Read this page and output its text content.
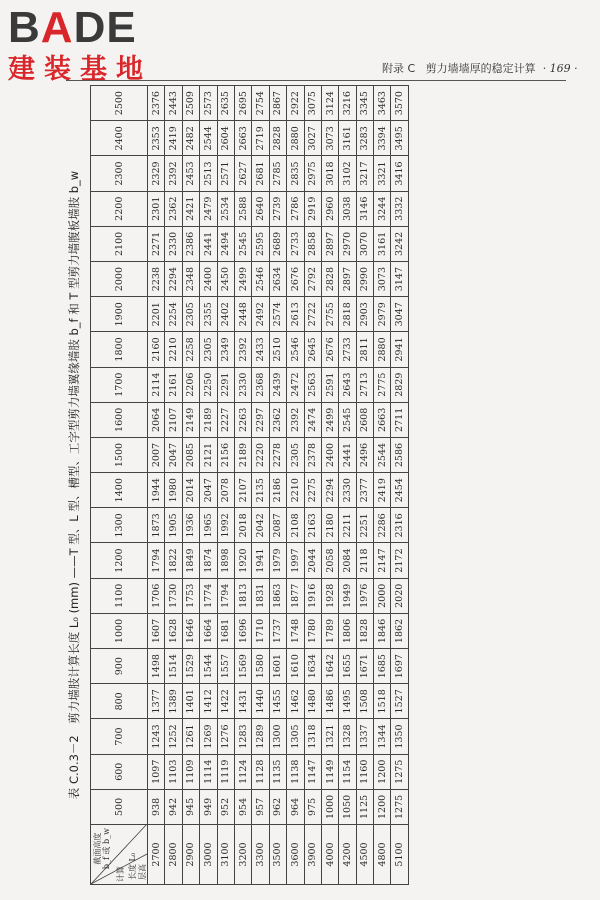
BADE
建装基地	附录 C 剪力墙墙厚的稳定计算 · 169 ·
表 C.0.3－2　剪力墙肢计算长度 L₀ (mm) ——T 型、L 型、槽型、工字型剪力墙翼缘墙肢 b_f 和 T 型剪力墙腹板墙肢 b_w
截面高度
b_f 或 b_w
计算 长度 L₀ 层高	500	600	700	800	900	1000	1100	1200	1300	1400	1500	1600	1700	1800	1900	2000	2100	2200	2300	2400	2500
2700	938	1097	1243	1377	1498	1607	1706	1794	1873	1944	2007	2064	2114	2160	2201	2238	2271	2301	2329	2353	2376
2800	942	1103	1252	1389	1514	1628	1730	1822	1905	1980	2047	2107	2161	2210	2254	2294	2330	2362	2392	2419	2443
2900	945	1109	1261	1401	1529	1646	1753	1849	1936	2014	2085	2149	2206	2258	2305	2348	2386	2421	2453	2482	2509
3000	949	1114	1269	1412	1544	1664	1774	1874	1965	2047	2121	2189	2250	2305	2355	2400	2441	2479	2513	2544	2573
3100	952	1119	1276	1422	1557	1681	1794	1898	1992	2078	2156	2227	2291	2349	2402	2450	2494	2534	2571	2604	2635
3200	954	1124	1283	1431	1569	1696	1813	1920	2018	2107	2189	2263	2330	2392	2448	2499	2545	2588	2627	2663	2695
3300	957	1128	1289	1440	1580	1710	1831	1941	2042	2135	2220	2297	2368	2433	2492	2546	2595	2640	2681	2719	2754
3500	962	1135	1300	1455	1601	1737	1863	1979	2087	2186	2278	2362	2439	2510	2574	2634	2689	2739	2785	2828	2867
3600	964	1138	1305	1462	1610	1748	1877	1997	2108	2210	2305	2392	2472	2546	2613	2676	2733	2786	2835	2880	2922
3900	975	1147	1318	1480	1634	1780	1916	2044	2163	2275	2378	2474	2563	2645	2722	2792	2858	2919	2975	3027	3075
4000	1000	1149	1321	1486	1642	1789	1928	2058	2180	2294	2400	2499	2591	2676	2755	2828	2897	2960	3018	3073	3124
4200	1050	1154	1328	1495	1655	1806	1949	2084	2211	2330	2441	2545	2643	2733	2818	2897	2970	3038	3102	3161	3216
4500	1125	1160	1337	1508	1671	1828	1976	2118	2251	2377	2496	2608	2713	2811	2903	2990	3070	3146	3217	3283	3345
4800	1200	1200	1344	1518	1685	1846	2000	2147	2286	2419	2544	2663	2775	2880	2979	3073	3161	3244	3321	3394	3463
5100	1275	1275	1350	1527	1697	1862	2020	2172	2316	2454	2586	2711	2829	2941	3047	3147	3242	3332	3416	3495	3570
